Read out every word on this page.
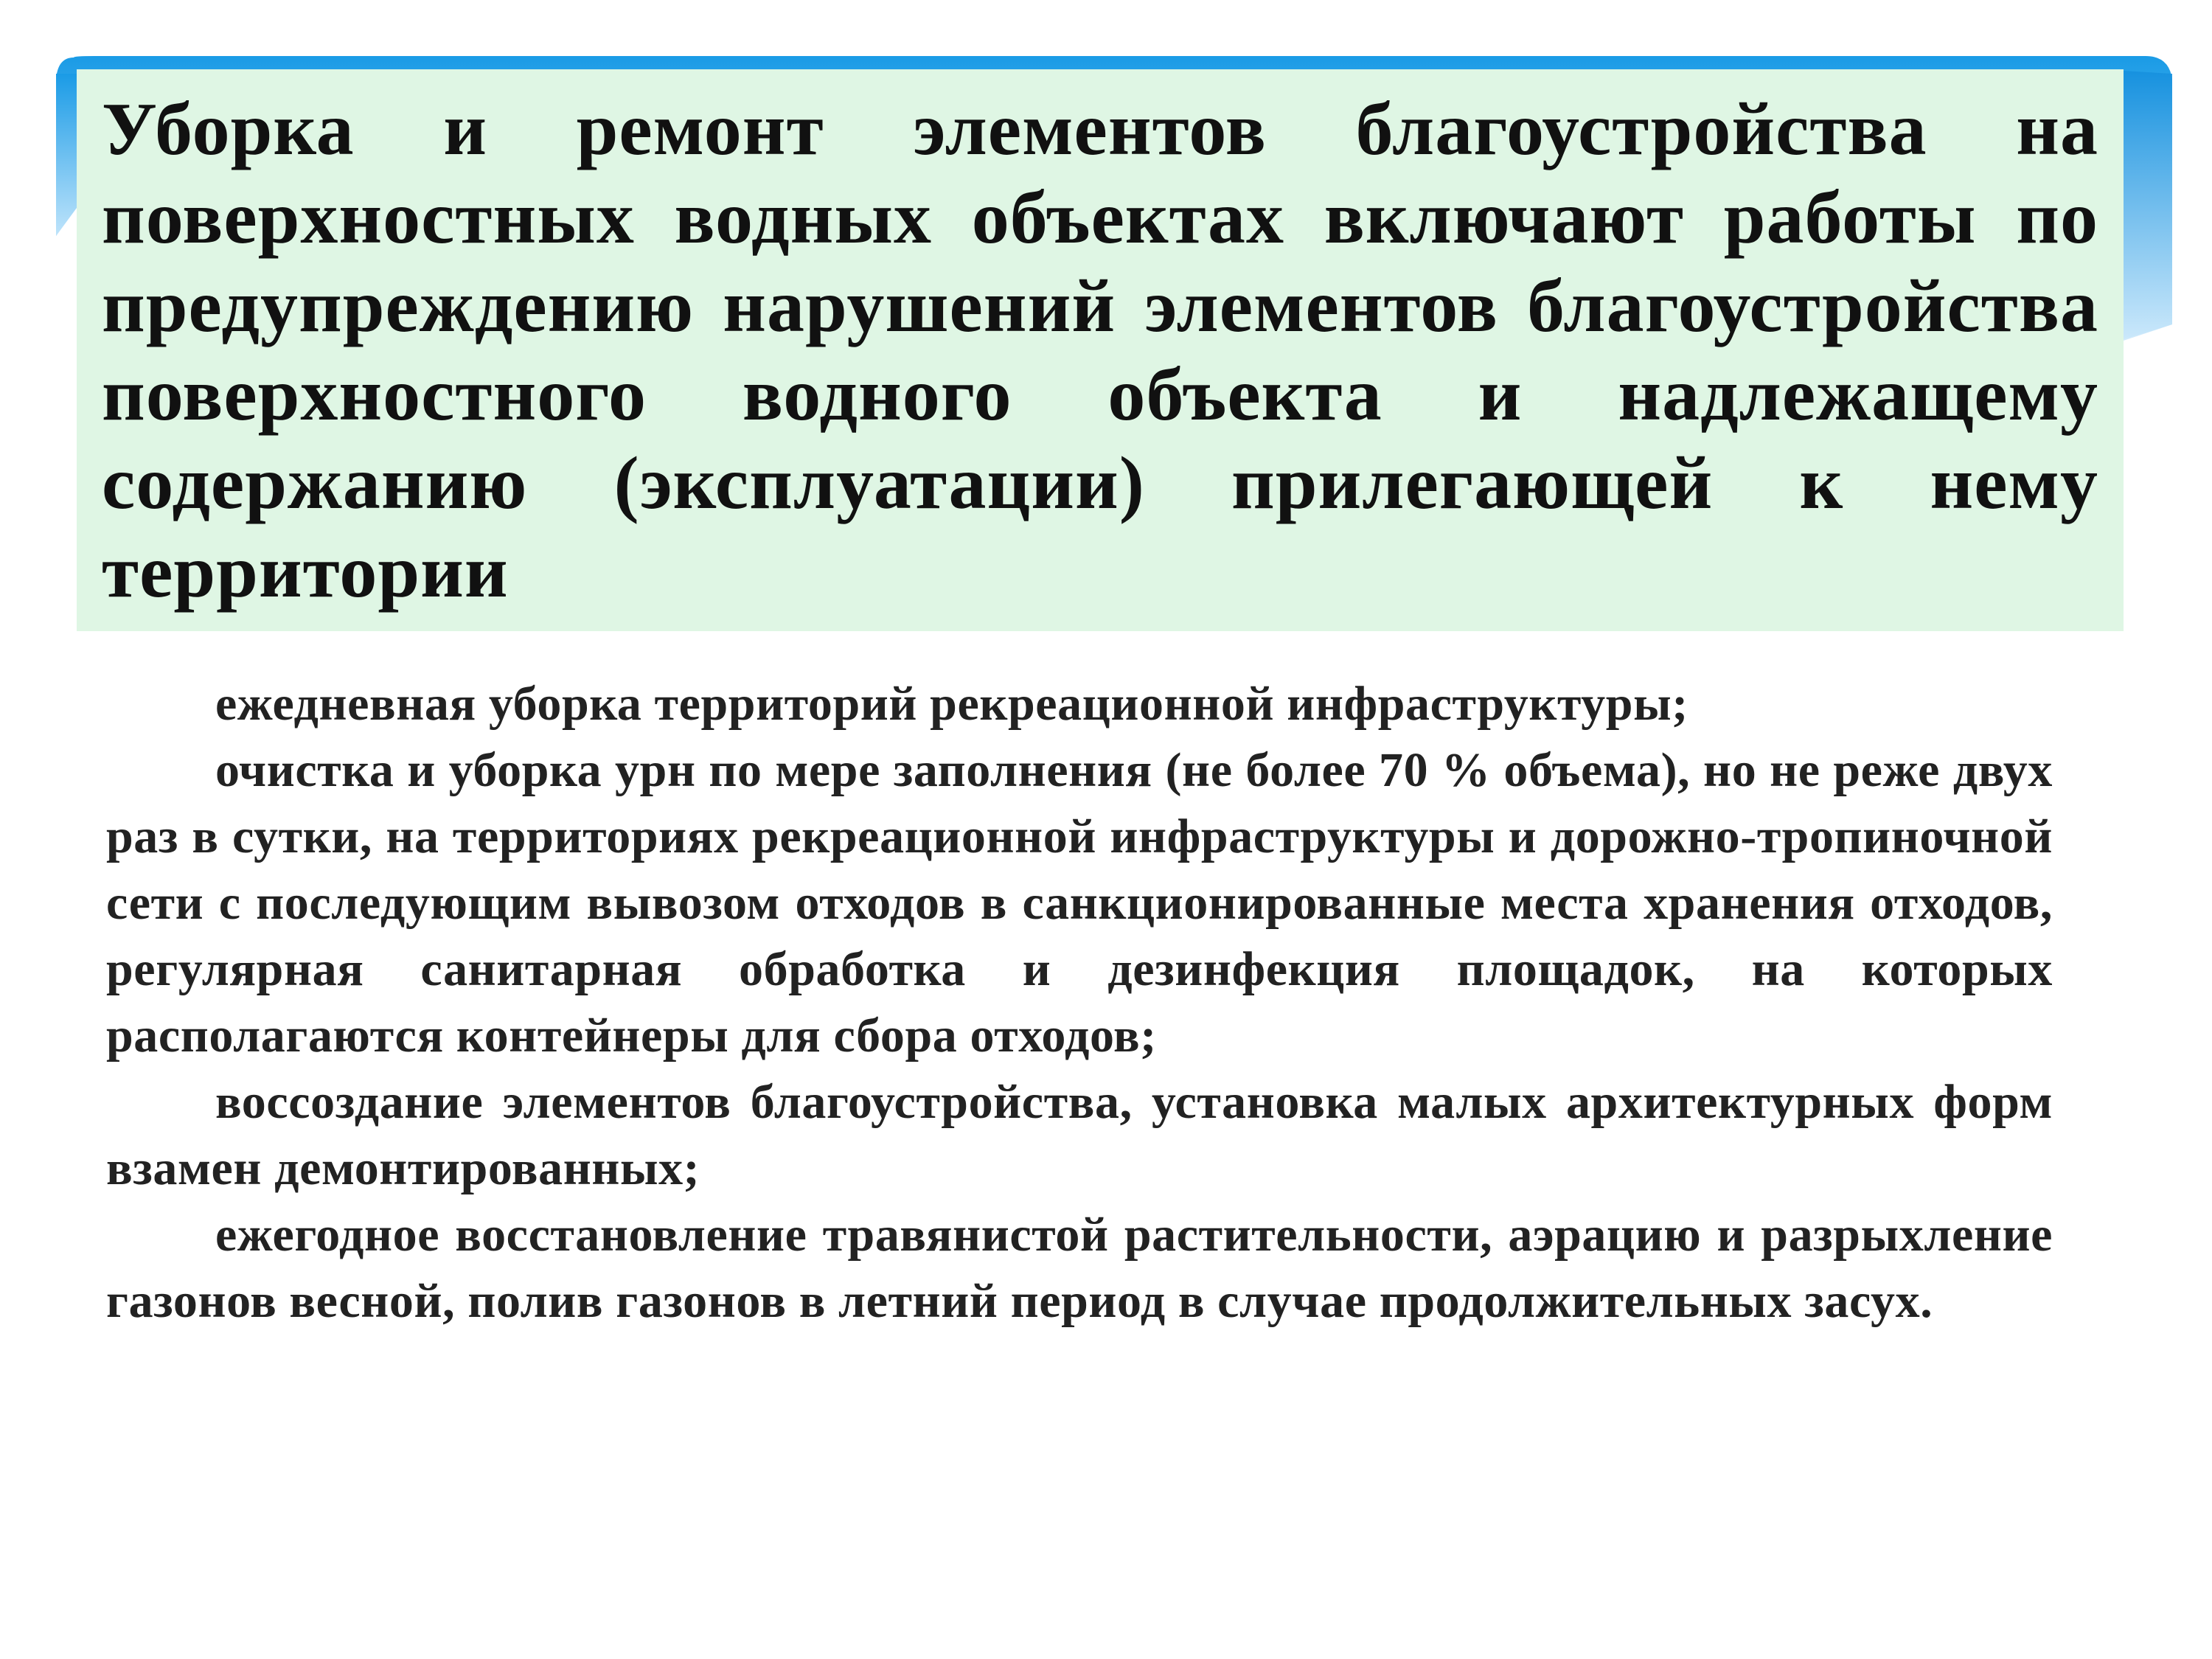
Уборка и ремонт элементов благоустройства на поверхностных водных объектах включают работы по предупреждению нарушений элементов благоустройства поверхностного водного объекта и надлежащему содержанию (эксплуатации) прилегающей к нему территории

ежедневная уборка территорий рекреационной инфраструктуры;

очистка и уборка урн по мере заполнения (не более 70 % объема), но не реже двух раз в сутки, на территориях рекреационной инфраструктуры и дорожно-тропиночной сети с последующим вывозом отходов в санкционированные места хранения отходов, регулярная санитарная обработка и дезинфекция площадок, на которых располагаются контейнеры для сбора отходов;

воссоздание элементов благоустройства, установка малых архитектурных форм взамен демонтированных;

ежегодное восстановление травянистой растительности, аэрацию и разрыхление газонов весной, полив газонов в летний период в случае продолжительных засух.
